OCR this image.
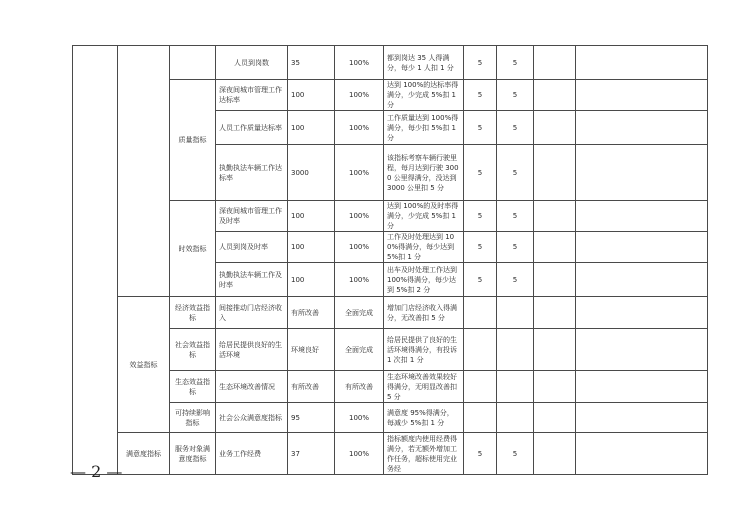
			人员到岗数	35	100%	都到岗达 35 人得满分，每少 1 人扣 1 分	5	5		
		质量指标	深夜间城市管理工作达标率	100	100%	达到 100%的达标率得满分，少完成 5%扣 1 分	5	5		
			人员工作质量达标率	100	100%	工作质量达到 100%得满分，每少扣 5%扣 1 分	5	5		
			执勤执法车辆工作达标率	3000	100%	该指标考察车辆行驶里程，每月达到行驶 3000 公里得满分，没达到 3000 公里扣 5 分	5	5		
		时效指标	深夜间城市管理工作及时率	100	100%	达到 100%的及时率得满分，少完成 5%扣 1 分	5	5		
			人员到岗及时率	100	100%	工作及时处理达到 100%得满分，每少达到 5%扣 1 分	5	5		
			执勤执法车辆工作及时率	100	100%	出车及时处理工作达到 100%得满分，每少达到 5%扣 2 分	5	5		
	效益指标	经济效益指标	间接推动门店经济收入	有所改善	全面完成	增加门店经济收入得满分，无改善扣 5 分				
		社会效益指标	给居民提供良好的生活环境	环境良好	全面完成	给居民提供了良好的生活环境得满分，有投诉 1 次扣 1 分				
		生态效益指标	生态环境改善情况	有所改善	有所改善	生态环境改善效果较好得满分，无明显改善扣 5 分				
		可持续影响指标	社会公众满意度指标	95	100%	满意度 95%得满分，每减少 5%扣 1 分				
	满意度指标	服务对象满意度指标	业务工作经费	37	100%	指标额度内使用经费得满分，若无额外增加工作任务，超标使用完业务经	5	5		
— 2 —
